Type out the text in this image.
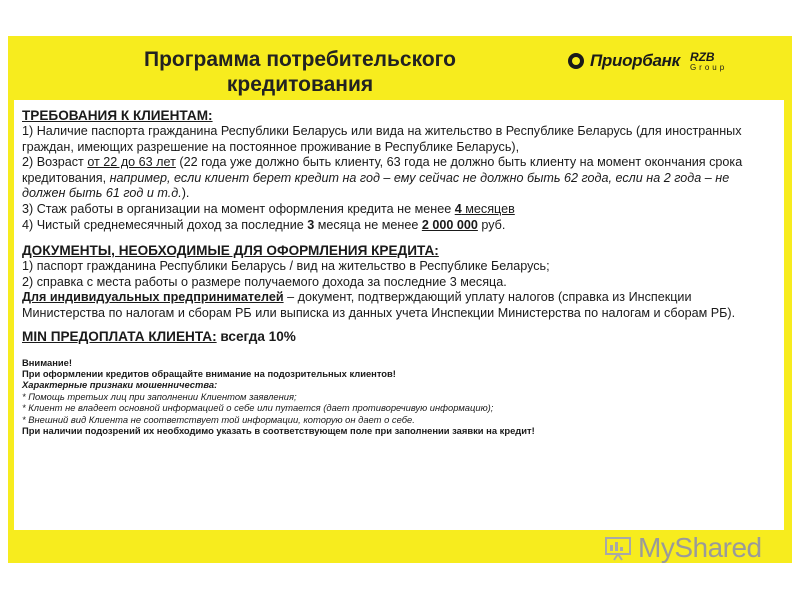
Программа потребительского кредитования
Приорбанк RZB
Group
ТРЕБОВАНИЯ К КЛИЕНТАМ:
1) Наличие паспорта гражданина Республики Беларусь или вида на жительство в Республике Беларусь (для иностранных граждан, имеющих разрешение на постоянное проживание в Республике Беларусь),
2) Возраст от 22 до 63 лет (22 года уже должно быть клиенту, 63 года не должно быть клиенту на момент окончания срока кредитования, например, если клиент берет кредит на год – ему сейчас не должно быть 62 года, если на 2 года – не должен быть 61 год и т.д.).
3) Стаж работы в организации на момент оформления кредита не менее 4 месяцев
4) Чистый среднемесячный доход за последние 3 месяца не менее 2 000 000 руб.
ДОКУМЕНТЫ, НЕОБХОДИМЫЕ ДЛЯ ОФОРМЛЕНИЯ КРЕДИТА:
1) паспорт гражданина Республики Беларусь / вид на жительство в Республике Беларусь;
2) справка с места работы о размере получаемого дохода за последние 3 месяца.
Для индивидуальных предпринимателей – документ, подтверждающий уплату налогов (справка из Инспекции Министерства по налогам и сборам РБ или выписка из данных учета Инспекции Министерства по налогам и сборам РБ).
MIN ПРЕДОПЛАТА КЛИЕНТА: всегда 10%
Внимание!
При оформлении кредитов обращайте внимание на подозрительных клиентов!
Характерные признаки мошенничества:
* Помощь третьих лиц при заполнении Клиентом заявления;
* Клиент не владеет основной информацией о себе или путается (дает противоречивую информацию);
* Внешний вид Клиента не соответствует той информации, которую он дает о себе.
При наличии подозрений их необходимо указать в соответствующем поле при заполнении заявки на кредит!
MyShared
